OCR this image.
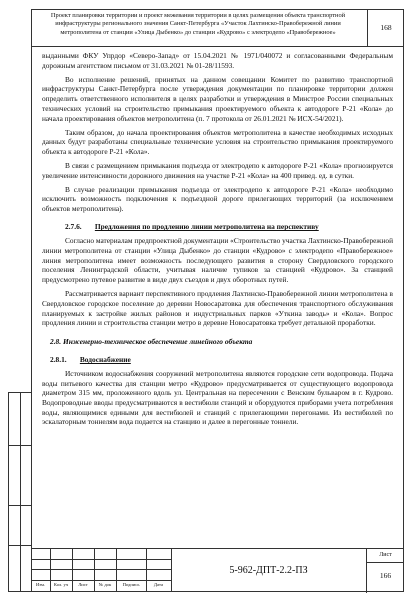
Проект планировки территории и проект межевания территории в целях размещения объекта транспортной инфраструктуры регионального значения Санкт-Петербурга «Участок Лахтинско-Правобережной линии метрополитена от станции «Улица Дыбенко» до станции «Кудрово» с электродепо «Правобережное»
168

выданными ФКУ Упрдор «Северо-Запад» от 15.04.2021 № 1971/040072 и согласованными Федеральным дорожным агентством письмом от 31.03.2021 № 01-28/11593.

Во исполнение решений, принятых на данном совещании Комитет по развитию транспортной инфраструктуры Санкт-Петербурга после утверждения документации по планировке территории должен определить ответственного исполнителя в целях разработки и утверждения в Минстрое России специальных технических условий на строительство примыкания проектируемого объекта к автодороге Р-21 «Кола» до начала проектирования объектов метрополитена (п. 7 протокола от 26.01.2021 № ИСХ-54/2021).

Таким образом, до начала проектирования объектов метрополитена в качестве необходимых исходных данных будут разработаны специальные технические условия на строительство примыкания проектируемого объекта к автодороге Р-21 «Кола».

В связи с размещением примыкания подъезда от электродепо к автодороге Р-21 «Кола» прогнозируется увеличение интенсивности дорожного движения на участке Р-21 «Кола» на 400 привед. ед. в сутки.

В случае реализации примыкания подъезда от электродепо к автодороге Р-21 «Кола» необходимо исключить возможность подключения к подъездной дороге прилегающих территорий (за исключением объектов метрополитена).

2.7.6. Предложения по продлению линии метрополитена на перспективу

Согласно материалам предпроектной документации «Строительство участка Лахтинско-Правобережной линии метрополитена от станции «Улица Дыбенко» до станции «Кудрово» с электродепо «Правобережное» линия метрополитена имеет возможность последующего развития в сторону Свердловского городского поселения Ленинградской области, учитывая наличие тупиков за станцией «Кудрово». За станцией предусмотрено путевое развитие в виде двух съездов и двух оборотных путей.

Рассматривается вариант перспективного продления Лахтинско-Правобережной линии метрополитена в Свердловское городское поселение до деревни Новосаратовка для обеспечения транспортного обслуживания планируемых к застройке жилых районов и индустриальных парков «Уткина заводь» и «Кола». Вопрос продления линии и строительства станции метро в деревне Новосаратовка требует детальной проработки.

2.8. Инженерно-техническое обеспечение линейного объекта
2.8.1. Водоснабжение

Источником водоснабжения сооружений метрополитена являются городские сети водопровода. Подача воды питьевого качества для станции метро «Кудрово» предусматривается от существующего водопровода диаметром 315 мм, проложенного вдоль ул. Центральная на пересечении с Венским бульваром в г. Кудрово. Водопроводные вводы предусматриваются в вестибюли станций и оборудуются приборами учета потребления воды, являющимися едиными для вестибюлей и станций с прилегающими перегонами. Из вестибюлей по эскалаторным тоннелям вода подается на станцию и далее в перегонные тоннели.

Изм.	Кол. уч	Лист	№ док	Подпись	Дата
5-962-ДПТ-2.2-ПЗ
Лист
166
